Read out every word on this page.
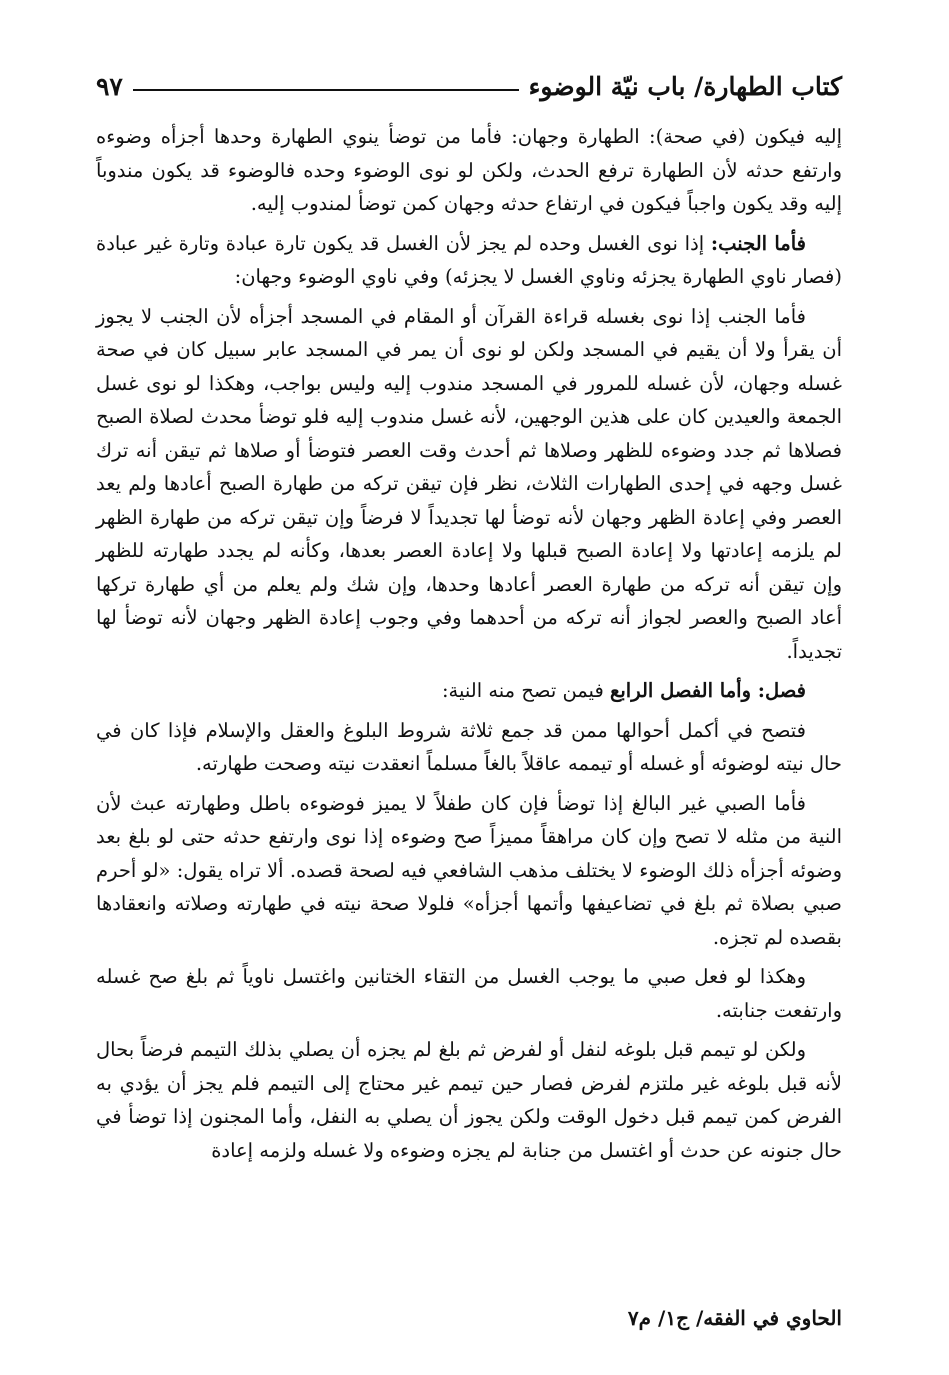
كتاب الطهارة/ باب نيّة الوضوء
٩٧

إليه فيكون (في صحة): الطهارة وجهان: فأما من توضأ ينوي الطهارة وحدها أجزأه وضوءه وارتفع حدثه لأن الطهارة ترفع الحدث، ولكن لو نوى الوضوء وحده فالوضوء قد يكون مندوباً إليه وقد يكون واجباً فيكون في ارتفاع حدثه وجهان كمن توضأ لمندوب إليه.

فأما الجنب: إذا نوى الغسل وحده لم يجز لأن الغسل قد يكون تارة عبادة وتارة غير عبادة (فصار ناوي الطهارة يجزئه وناوي الغسل لا يجزئه) وفي ناوي الوضوء وجهان:

فأما الجنب إذا نوى بغسله قراءة القرآن أو المقام في المسجد أجزأه لأن الجنب لا يجوز أن يقرأ ولا أن يقيم في المسجد ولكن لو نوى أن يمر في المسجد عابر سبيل كان في صحة غسله وجهان، لأن غسله للمرور في المسجد مندوب إليه وليس بواجب، وهكذا لو نوى غسل الجمعة والعيدين كان على هذين الوجهين، لأنه غسل مندوب إليه فلو توضأ محدث لصلاة الصبح فصلاها ثم جدد وضوءه للظهر وصلاها ثم أحدث وقت العصر فتوضأ أو صلاها ثم تيقن أنه ترك غسل وجهه في إحدى الطهارات الثلاث، نظر فإن تيقن تركه من طهارة الصبح أعادها ولم يعد العصر وفي إعادة الظهر وجهان لأنه توضأ لها تجديداً لا فرضاً وإن تيقن تركه من طهارة الظهر لم يلزمه إعادتها ولا إعادة الصبح قبلها ولا إعادة العصر بعدها، وكأنه لم يجدد طهارته للظهر وإن تيقن أنه تركه من طهارة العصر أعادها وحدها، وإن شك ولم يعلم من أي طهارة تركها أعاد الصبح والعصر لجواز أنه تركه من أحدهما وفي وجوب إعادة الظهر وجهان لأنه توضأ لها تجديداً.

فصل: وأما الفصل الرابع فيمن تصح منه النية:

فتصح في أكمل أحوالها ممن قد جمع ثلاثة شروط البلوغ والعقل والإسلام فإذا كان في حال نيته لوضوئه أو غسله أو تيممه عاقلاً بالغاً مسلماً انعقدت نيته وصحت طهارته.

فأما الصبي غير البالغ إذا توضأ فإن كان طفلاً لا يميز فوضوءه باطل وطهارته عبث لأن النية من مثله لا تصح وإن كان مراهقاً مميزاً صح وضوءه إذا نوى وارتفع حدثه حتى لو بلغ بعد وضوئه أجزأه ذلك الوضوء لا يختلف مذهب الشافعي فيه لصحة قصده. ألا تراه يقول: «لو أحرم صبي بصلاة ثم بلغ في تضاعيفها وأتمها أجزأه» فلولا صحة نيته في طهارته وصلاته وانعقادها بقصده لم تجزه.

وهكذا لو فعل صبي ما يوجب الغسل من التقاء الختانين واغتسل ناوياً ثم بلغ صح غسله وارتفعت جنابته.

ولكن لو تيمم قبل بلوغه لنفل أو لفرض ثم بلغ لم يجزه أن يصلي بذلك التيمم فرضاً بحال لأنه قبل بلوغه غير ملتزم لفرض فصار حين تيمم غير محتاج إلى التيمم فلم يجز أن يؤدي به الفرض كمن تيمم قبل دخول الوقت ولكن يجوز أن يصلي به النفل، وأما المجنون إذا توضأ في حال جنونه عن حدث أو اغتسل من جنابة لم يجزه وضوءه ولا غسله ولزمه إعادة

الحاوي في الفقه/ ج١/ م٧
